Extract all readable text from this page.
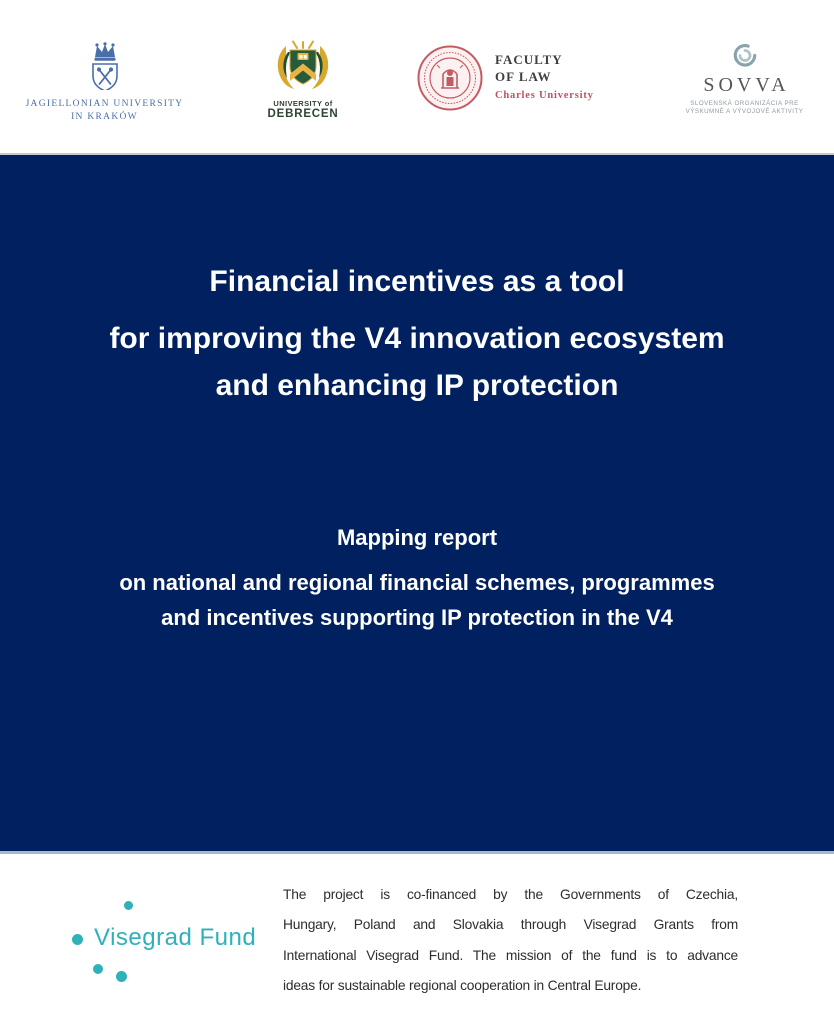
JAGIELLONIAN UNIVERSITY
IN KRAKÓW
UNIVERSITY of
DEBRECEN
FACULTY
OF LAW
Charles University	SOVVA
SLOVENSKÁ ORGANIZÁCIA PRE
VÝSKUMNÉ A VÝVOJOVÉ AKTIVITY
Financial incentives as a tool
for improving the V4 innovation ecosystem
and enhancing IP protection
Mapping report
on national and regional financial schemes, programmes
and incentives supporting IP protection in the V4
Visegrad Fund
The project is co-financed by the Governments of Czechia,
Hungary, Poland and Slovakia through Visegrad Grants from
International Visegrad Fund. The mission of the fund is to advance
ideas for sustainable regional cooperation in Central Europe.
